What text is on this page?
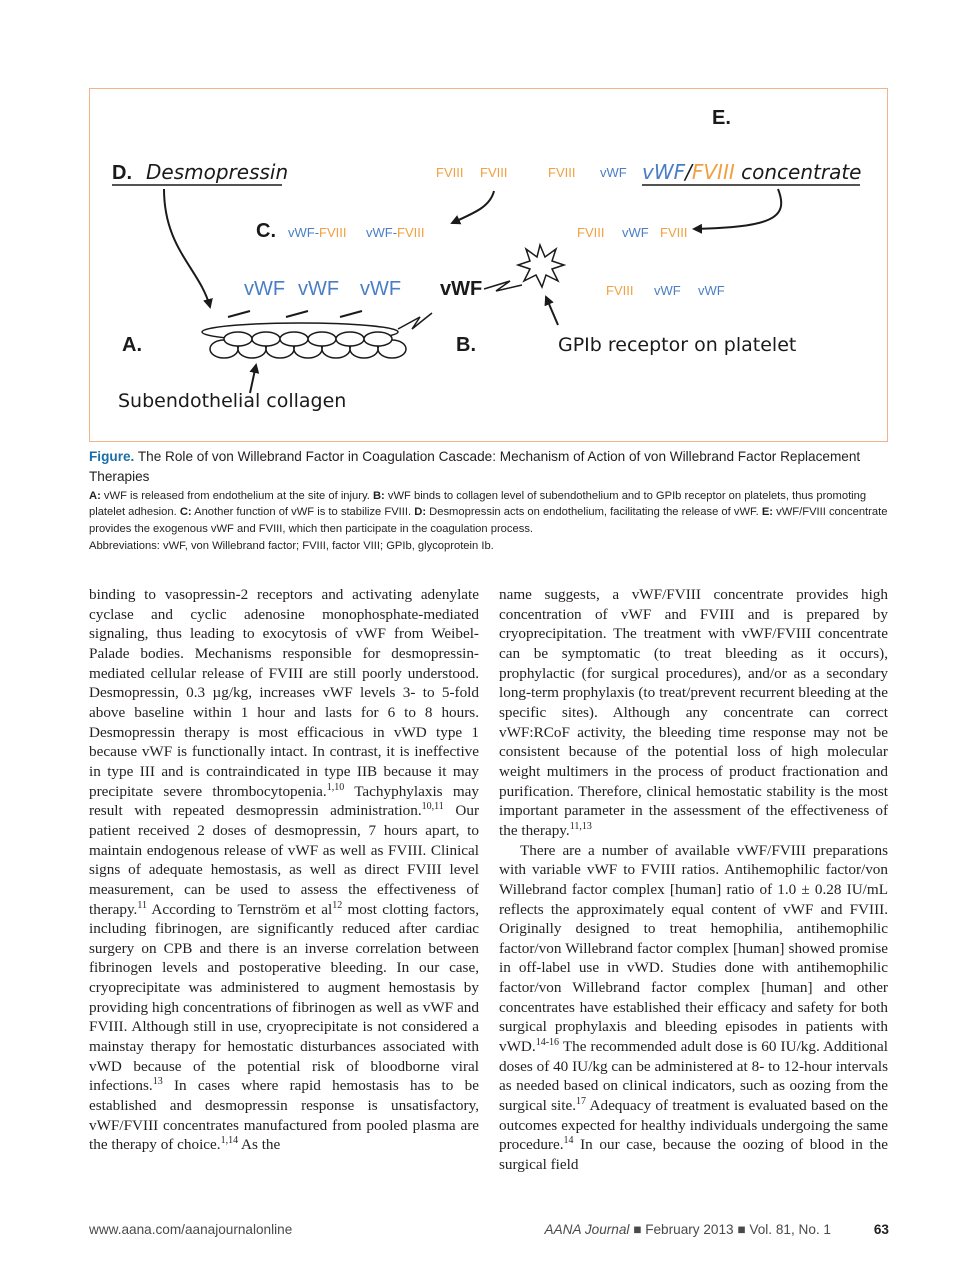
E.
D. Desmopressin	FVIII FVIII	FVIII vWF vWF/FVIII concentrate
C. vWF-FVIII vWF-FVIII	FVIII vWF FVIII
vWF vWF vWF vWF	FVIII vWF vWF
A.	B.	GPIb receptor on platelet
Subendothelial collagen
Figure. The Role of von Willebrand Factor in Coagulation Cascade: Mechanism of Action of von Willebrand Factor Replacement Therapies
A: vWF is released from endothelium at the site of injury. B: vWF binds to collagen level of subendothelium and to GPIb receptor on platelets, thus promoting platelet adhesion. C: Another function of vWF is to stabilize FVIII. D: Desmopressin acts on endothelium, facilitating the release of vWF. E: vWF/FVIII concentrate provides the exogenous vWF and FVIII, which then participate in the coagulation process.
Abbreviations: vWF, von Willebrand factor; FVIII, factor VIII; GPIb, glycoprotein Ib.

binding to vasopressin-2 receptors and activating adenylate cyclase and cyclic adenosine monophosphate-mediated signaling, thus leading to exocytosis of vWF from Weibel-Palade bodies. Mechanisms responsible for desmopressin-mediated cellular release of FVIII are still poorly understood. Desmopressin, 0.3 µg/kg, increases vWF levels 3- to 5-fold above baseline within 1 hour and lasts for 6 to 8 hours. Desmopressin therapy is most efficacious in vWD type 1 because vWF is functionally intact. In contrast, it is ineffective in type III and is contraindicated in type IIB because it may precipitate severe thrombocytopenia.$^{1,10}$ Tachyphylaxis may result with repeated desmopressin administration.$^{10,11}$ Our patient received 2 doses of desmopressin, 7 hours apart, to maintain endogenous release of vWF as well as FVIII. Clinical signs of adequate hemostasis, as well as direct FVIII level measurement, can be used to assess the effectiveness of therapy.$^{11}$ According to Ternström et $al^{12}$ most clotting factors, including fibrinogen, are significantly reduced after cardiac surgery on CPB and there is an inverse correlation between fibrinogen levels and postoperative bleeding. In our case, cryoprecipitate was administered to augment hemostasis by providing high concentrations of fibrinogen as well as vWF and FVIII. Although still in use, cryoprecipitate is not considered a mainstay therapy for hemostatic disturbances associated with vWD because of the potential risk of bloodborne viral infections.$^{13}$ In cases where rapid hemostasis has to be established and desmopressin response is unsatisfactory, vWF/FVIII concentrates manufactured from pooled plasma are the therapy of choice.$^{1,14}$ As the

name suggests, a vWF/FVIII concentrate provides high concentration of vWF and FVIII and is prepared by cryoprecipitation. The treatment with vWF/FVIII concentrate can be symptomatic (to treat bleeding as it occurs), prophylactic (for surgical procedures), and/or as a secondary long-term prophylaxis (to treat/prevent recurrent bleeding at the specific sites). Although any concentrate can correct vWF:RCoF activity, the bleeding time response may not be consistent because of the potential loss of high molecular weight multimers in the process of product fractionation and purification. Therefore, clinical hemostatic stability is the most important parameter in the assessment of the effectiveness of the therapy.$^{11,13}$

There are a number of available vWF/FVIII preparations with variable vWF to FVIII ratios. Antihemophilic factor/von Willebrand factor complex [human] ratio of 1.0 ± 0.28 IU/mL reflects the approximately equal content of vWF and FVIII. Originally designed to treat hemophilia, antihemophilic factor/von Willebrand factor complex [human] showed promise in off-label use in vWD. Studies done with antihemophilic factor/von Willebrand factor complex [human] and other concentrates have established their efficacy and safety for both surgical prophylaxis and bleeding episodes in patients with vWD.$^{14-16}$ The recommended adult dose is 60 IU/kg. Additional doses of 40 IU/kg can be administered at 8- to 12-hour intervals as needed based on clinical indicators, such as oozing from the surgical site.$^{17}$ Adequacy of treatment is evaluated based on the outcomes expected for healthy individuals undergoing the same procedure.$^{14}$ In our case, because the oozing of blood in the surgical field

www.aana.com/aanajournalonline	AANA Journal ■ February 2013 ■ Vol. 81, No. 1	63
